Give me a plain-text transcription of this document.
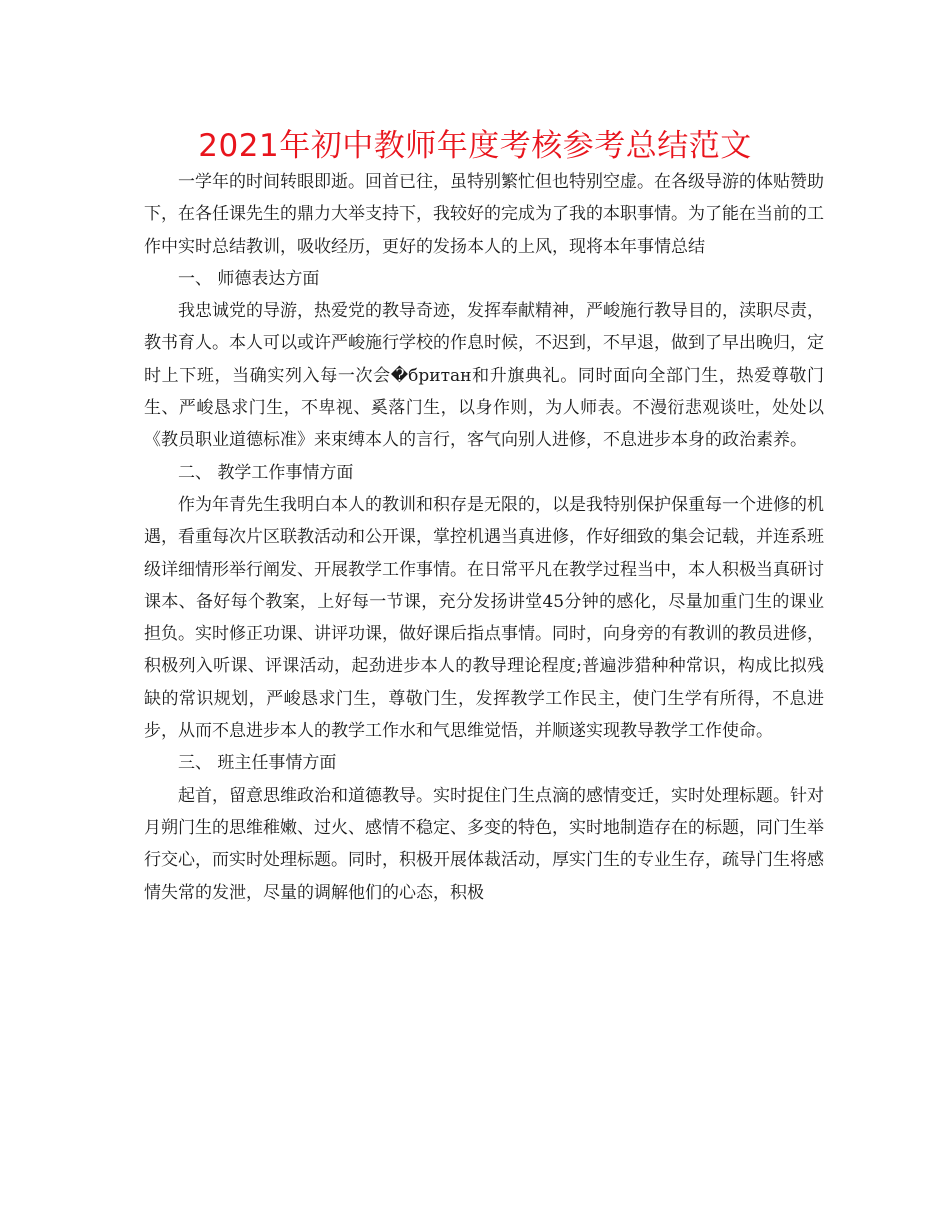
2021年初中教师年度考核参考总结范文

一学年的时间转眼即逝。回首已往，虽特别繁忙但也特别空虚。在各级导游的体贴赞助下，在各任课先生的鼎力大举支持下，我较好的完成为了我的本职事情。为了能在当前的工作中实时总结教训，吸收经历，更好的发扬本人的上风，现将本年事情总结

一、 师德表达方面

我忠诚党的导游，热爱党的教导奇迹，发挥奉献精神，严峻施行教导目的，渎职尽责，教书育人。本人可以或许严峻施行学校的作息时候，不迟到，不早退，做到了早出晚归，定时上下班，当确实列入每一次会�британ和升旗典礼。同时面向全部门生，热爱尊敬门生、严峻恳求门生，不卑视、奚落门生，以身作则，为人师表。不漫衍悲观谈吐，处处以《教员职业道德标准》来束缚本人的言行，客气向别人进修，不息进步本身的政治素养。

二、 教学工作事情方面

作为年青先生我明白本人的教训和积存是无限的，以是我特别保护保重每一个进修的机遇，看重每次片区联教活动和公开课，掌控机遇当真进修，作好细致的集会记载，并连系班级详细情形举行阐发、开展教学工作事情。在日常平凡在教学过程当中，本人积极当真研讨课本、备好每个教案，上好每一节课，充分发扬讲堂45分钟的感化，尽量加重门生的课业担负。实时修正功课、讲评功课，做好课后指点事情。同时，向身旁的有教训的教员进修，积极列入听课、评课活动，起劲进步本人的教导理论程度;普遍涉猎种种常识，构成比拟残缺的常识规划，严峻恳求门生，尊敬门生，发挥教学工作民主，使门生学有所得，不息进步，从而不息进步本人的教学工作水和气思维觉悟，并顺遂实现教导教学工作使命。

三、 班主任事情方面

起首，留意思维政治和道德教导。实时捉住门生点滴的感情变迁，实时处理标题。针对月朔门生的思维稚嫩、过火、感情不稳定、多变的特色，实时地制造存在的标题，同门生举行交心，而实时处理标题。同时，积极开展体裁活动，厚实门生的专业生存，疏导门生将感情失常的发泄，尽量的调解他们的心态，积极
